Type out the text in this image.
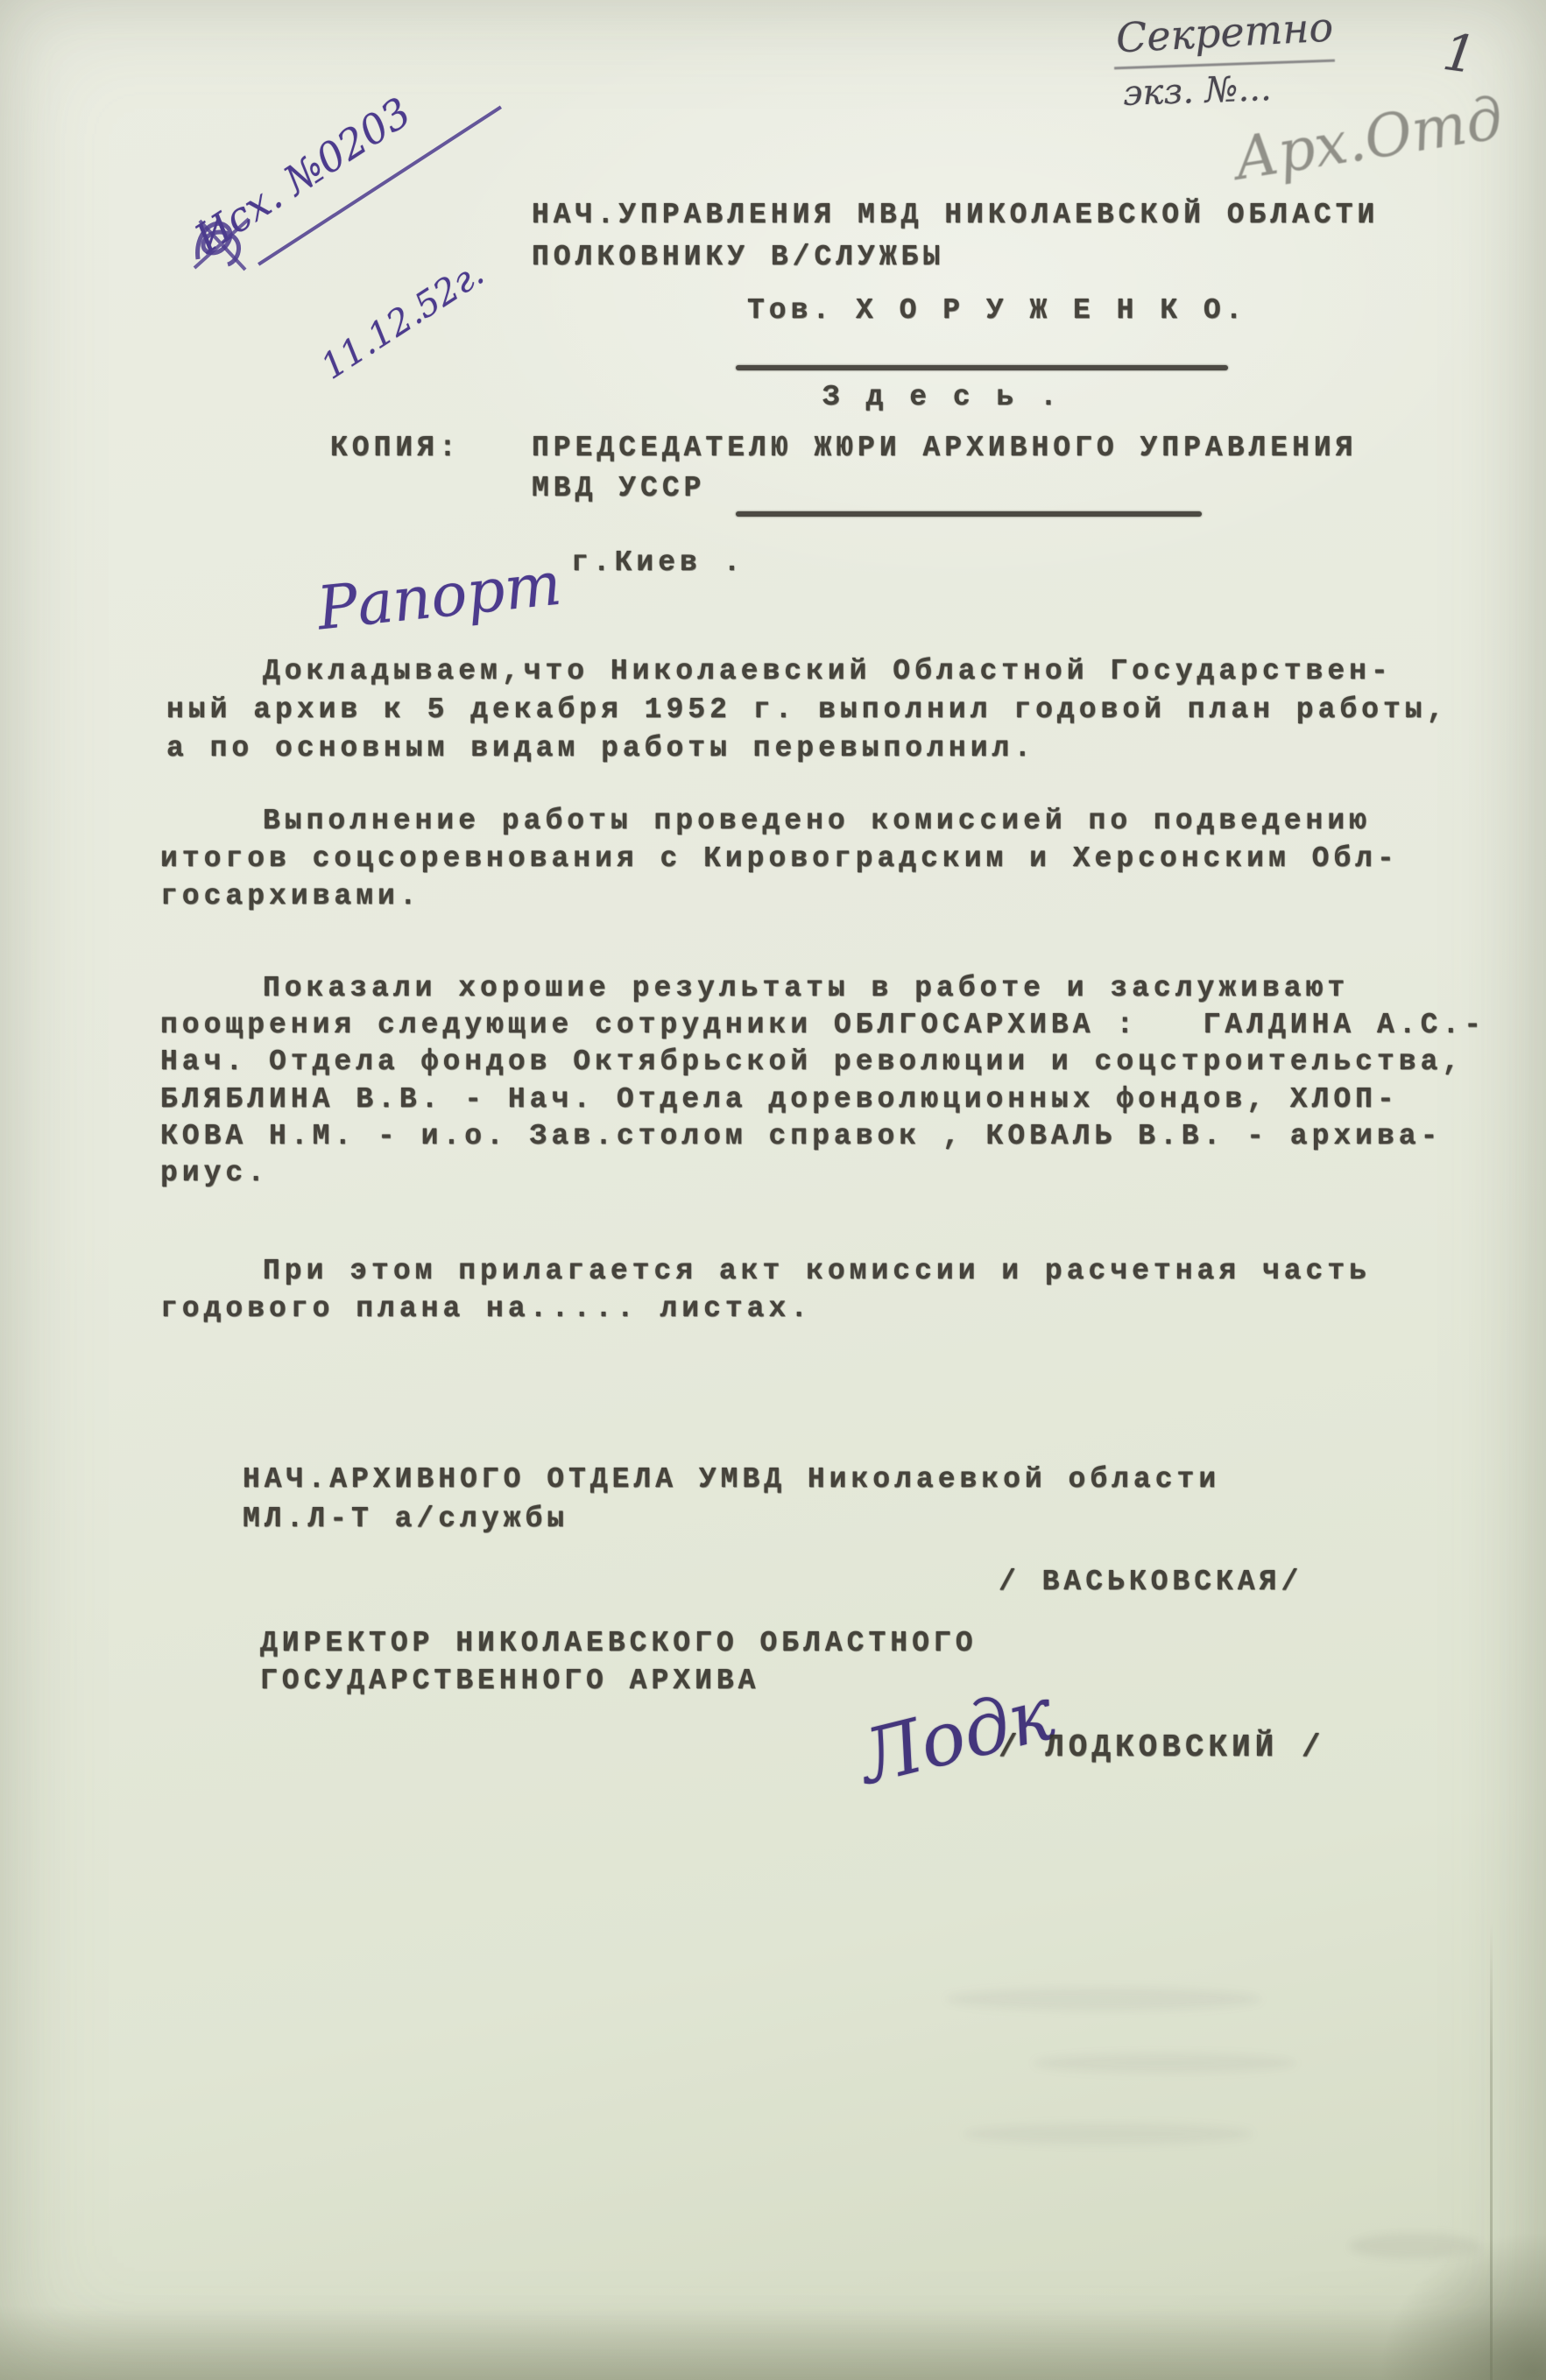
Секретно
экз. №...
1
Арх.Отд
Исх. №0203
11.12.52г.
НАЧ.УПРАВЛЕНИЯ МВД НИКОЛАЕВСКОЙ ОБЛАСТИ
ПОЛКОВНИКУ В/СЛУЖБЫ
Тов. Х О Р У Ж Е Н К О.
З д е с ь .
КОПИЯ: ПРЕДСЕДАТЕЛЮ ЖЮРИ АРХИВНОГО УПРАВЛЕНИЯ
МВД УССР
г.Киев .
Рапорт
Докладываем,что Николаевский Областной Государствен-
ный архив к 5 декабря 1952 г. выполнил годовой план работы,
а по основным видам работы перевыполнил.
Выполнение работы проведено комиссией по подведению
итогов соцсоревнования с Кировоградским и Херсонским Обл-
госархивами.
Показали хорошие результаты в работе и заслуживают
поощрения следующие сотрудники ОБЛГОСАРХИВА :   ГАЛДИНА А.С.-
Нач. Отдела фондов Октябрьской революции и соцстроительства,
БЛЯБЛИНА В.В. - Нач. Отдела дореволюционных фондов, ХЛОП-
КОВА Н.М. - и.о. Зав.столом справок , КОВАЛЬ В.В. - архива-
риус.
При этом прилагается акт комиссии и расчетная часть
годового плана на..... листах.
НАЧ.АРХИВНОГО ОТДЕЛА УМВД Николаевкой области
МЛ.Л-Т а/службы
/ ВАСЬКОВСКАЯ/
ДИРЕКТОР НИКОЛАЕВСКОГО ОБЛАСТНОГО
ГОСУДАРСТВЕННОГО АРХИВА Лодк
/ ЛОДКОВСКИЙ /
